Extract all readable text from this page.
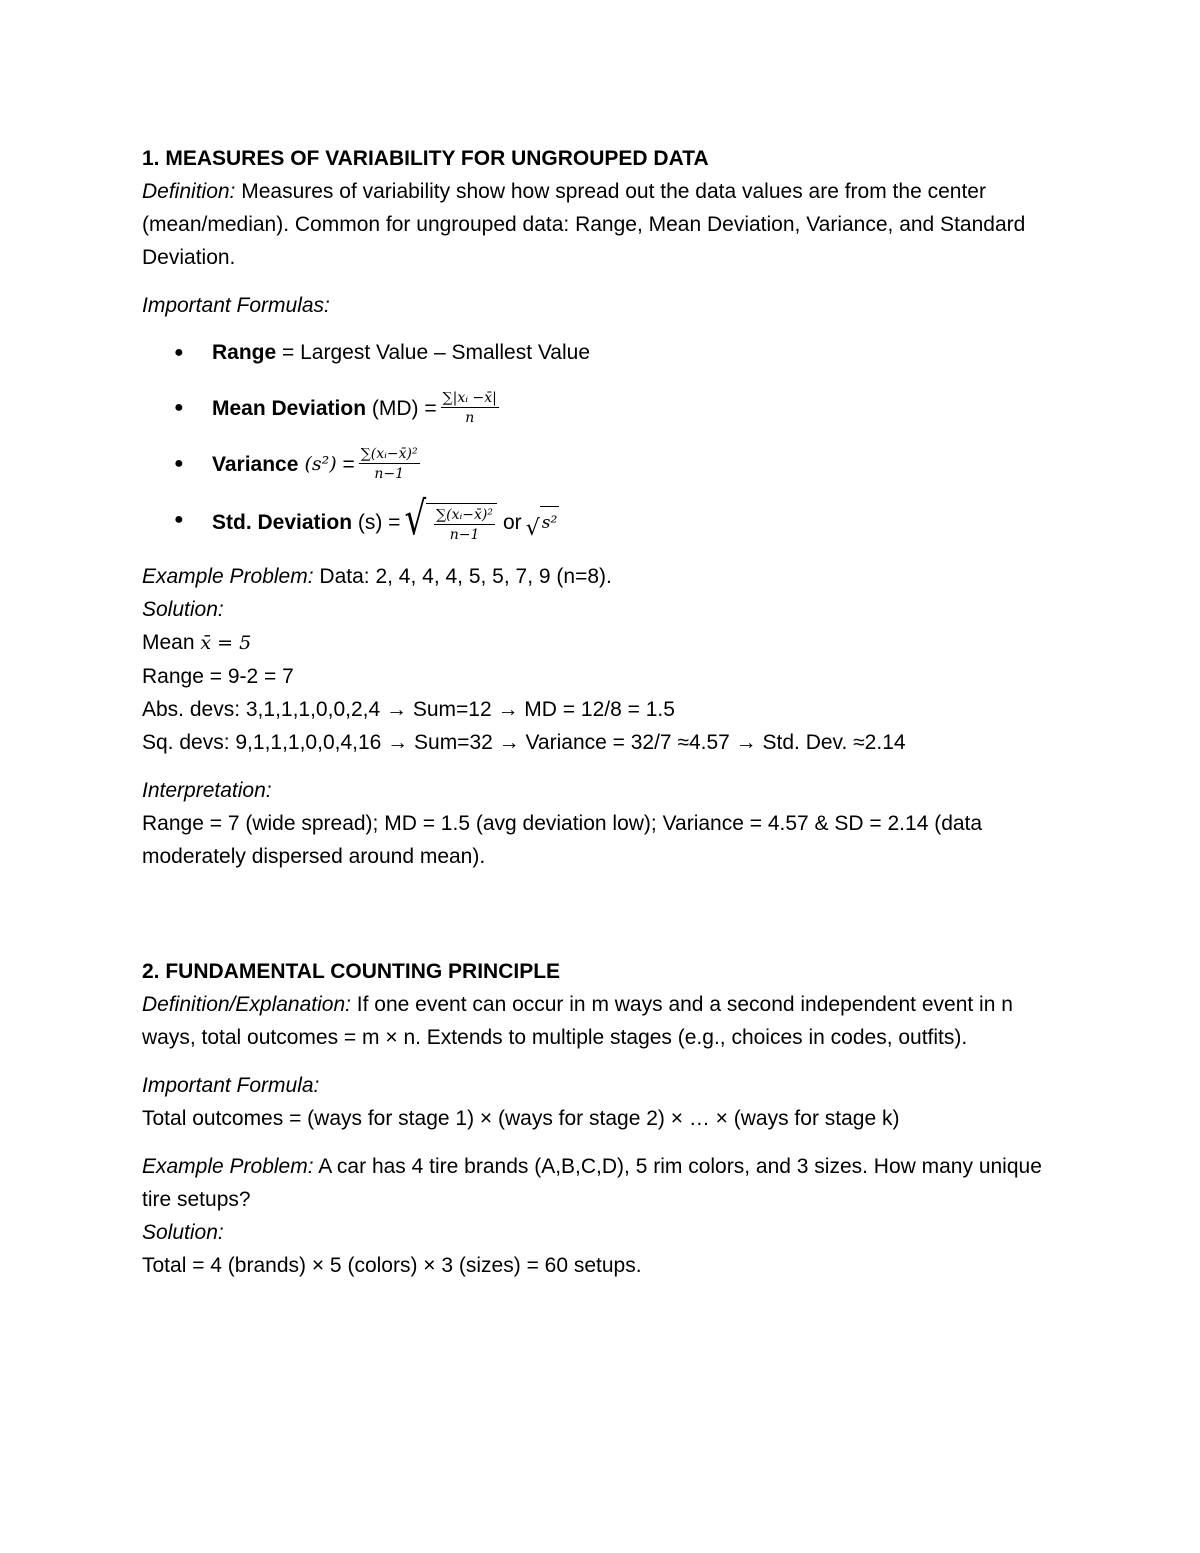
1. MEASURES OF VARIABILITY FOR UNGROUPED DATA

Definition: Measures of variability show how spread out the data values are from the center (mean/median). Common for ungrouped data: Range, Mean Deviation, Variance, and Standard Deviation.

Important Formulas:

● Range = Largest Value – Smallest Value
● Mean Deviation $(MD) = \frac{\text{∑|xᵢ −x̄|}}{n}$
● Variance $(s^2) = \frac{\text{∑(xᵢ−x̄)²}}{n-1}$
● Std. Deviation (s) = √ $\frac{\text{∑(xᵢ−x̄)²}}{n-1}$ or √ s²

Example Problem: Data: 2, 4, 4, 4, 5, 5, 7, 9 (n=8).

Solution:

Mean x̄ = 5

Range = 9-2 = 7

Abs. devs: 3,1,1,1,0,0,2,4 → Sum=12 → MD = 12/8 = 1.5

Sq. devs: 9,1,1,1,0,0,4,16 → Sum=32 → Variance = 32/7 ≈4.57 → Std. Dev. ≈2.14

Interpretation:

Range = 7 (wide spread); MD = 1.5 (avg deviation low); Variance = 4.57 & SD = 2.14 (data moderately dispersed around mean).

2. FUNDAMENTAL COUNTING PRINCIPLE

Definition/Explanation: If one event can occur in m ways and a second independent event in n ways, total outcomes = m × n. Extends to multiple stages (e.g., choices in codes, outfits).

Important Formula:

Total outcomes = (ways for stage 1) × (ways for stage 2) × … × (ways for stage k)

Example Problem: A car has 4 tire brands (A,B,C,D), 5 rim colors, and 3 sizes. How many unique tire setups?

Solution:

Total = 4 (brands) × 5 (colors) × 3 (sizes) = 60 setups.
